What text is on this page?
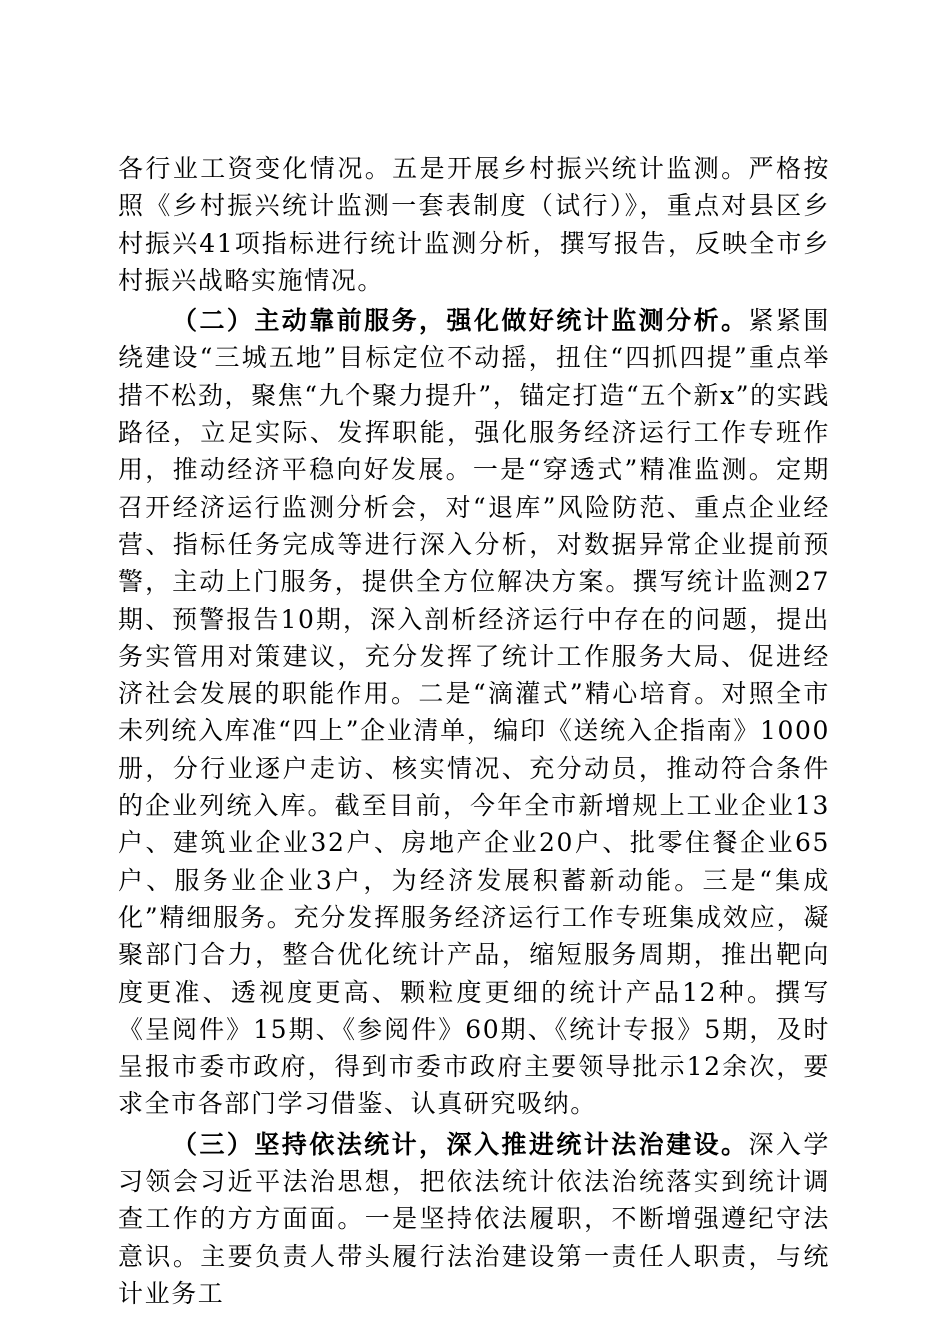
各行业工资变化情况。五是开展乡村振兴统计监测。严格按照《乡村振兴统计监测一套表制度（试行）》，重点对县区乡村振兴41项指标进行统计监测分析，撰写报告，反映全市乡村振兴战略实施情况。

（二）主动靠前服务，强化做好统计监测分析。紧紧围绕建设“三城五地”目标定位不动摇，扭住“四抓四提”重点举措不松劲，聚焦“九个聚力提升”，锚定打造“五个新x”的实践路径，立足实际、发挥职能，强化服务经济运行工作专班作用，推动经济平稳向好发展。一是“穿透式”精准监测。定期召开经济运行监测分析会，对“退库”风险防范、重点企业经营、指标任务完成等进行深入分析，对数据异常企业提前预警，主动上门服务，提供全方位解决方案。撰写统计监测27期、预警报告10期，深入剖析经济运行中存在的问题，提出务实管用对策建议，充分发挥了统计工作服务大局、促进经济社会发展的职能作用。二是“滴灌式”精心培育。对照全市未列统入库准“四上”企业清单，编印《送统入企指南》1000册，分行业逐户走访、核实情况、充分动员，推动符合条件的企业列统入库。截至目前，今年全市新增规上工业企业13户、建筑业企业32户、房地产企业20户、批零住餐企业65户、服务业企业3户，为经济发展积蓄新动能。三是“集成化”精细服务。充分发挥服务经济运行工作专班集成效应，凝聚部门合力，整合优化统计产品，缩短服务周期，推出靶向度更准、透视度更高、颗粒度更细的统计产品12种。撰写《呈阅件》15期、《参阅件》60期、《统计专报》5期，及时呈报市委市政府，得到市委市政府主要领导批示12余次，要求全市各部门学习借鉴、认真研究吸纳。

（三）坚持依法统计，深入推进统计法治建设。深入学习领会习近平法治思想，把依法统计依法治统落实到统计调查工作的方方面面。一是坚持依法履职，不断增强遵纪守法意识。主要负责人带头履行法治建设第一责任人职责，与统计业务工
